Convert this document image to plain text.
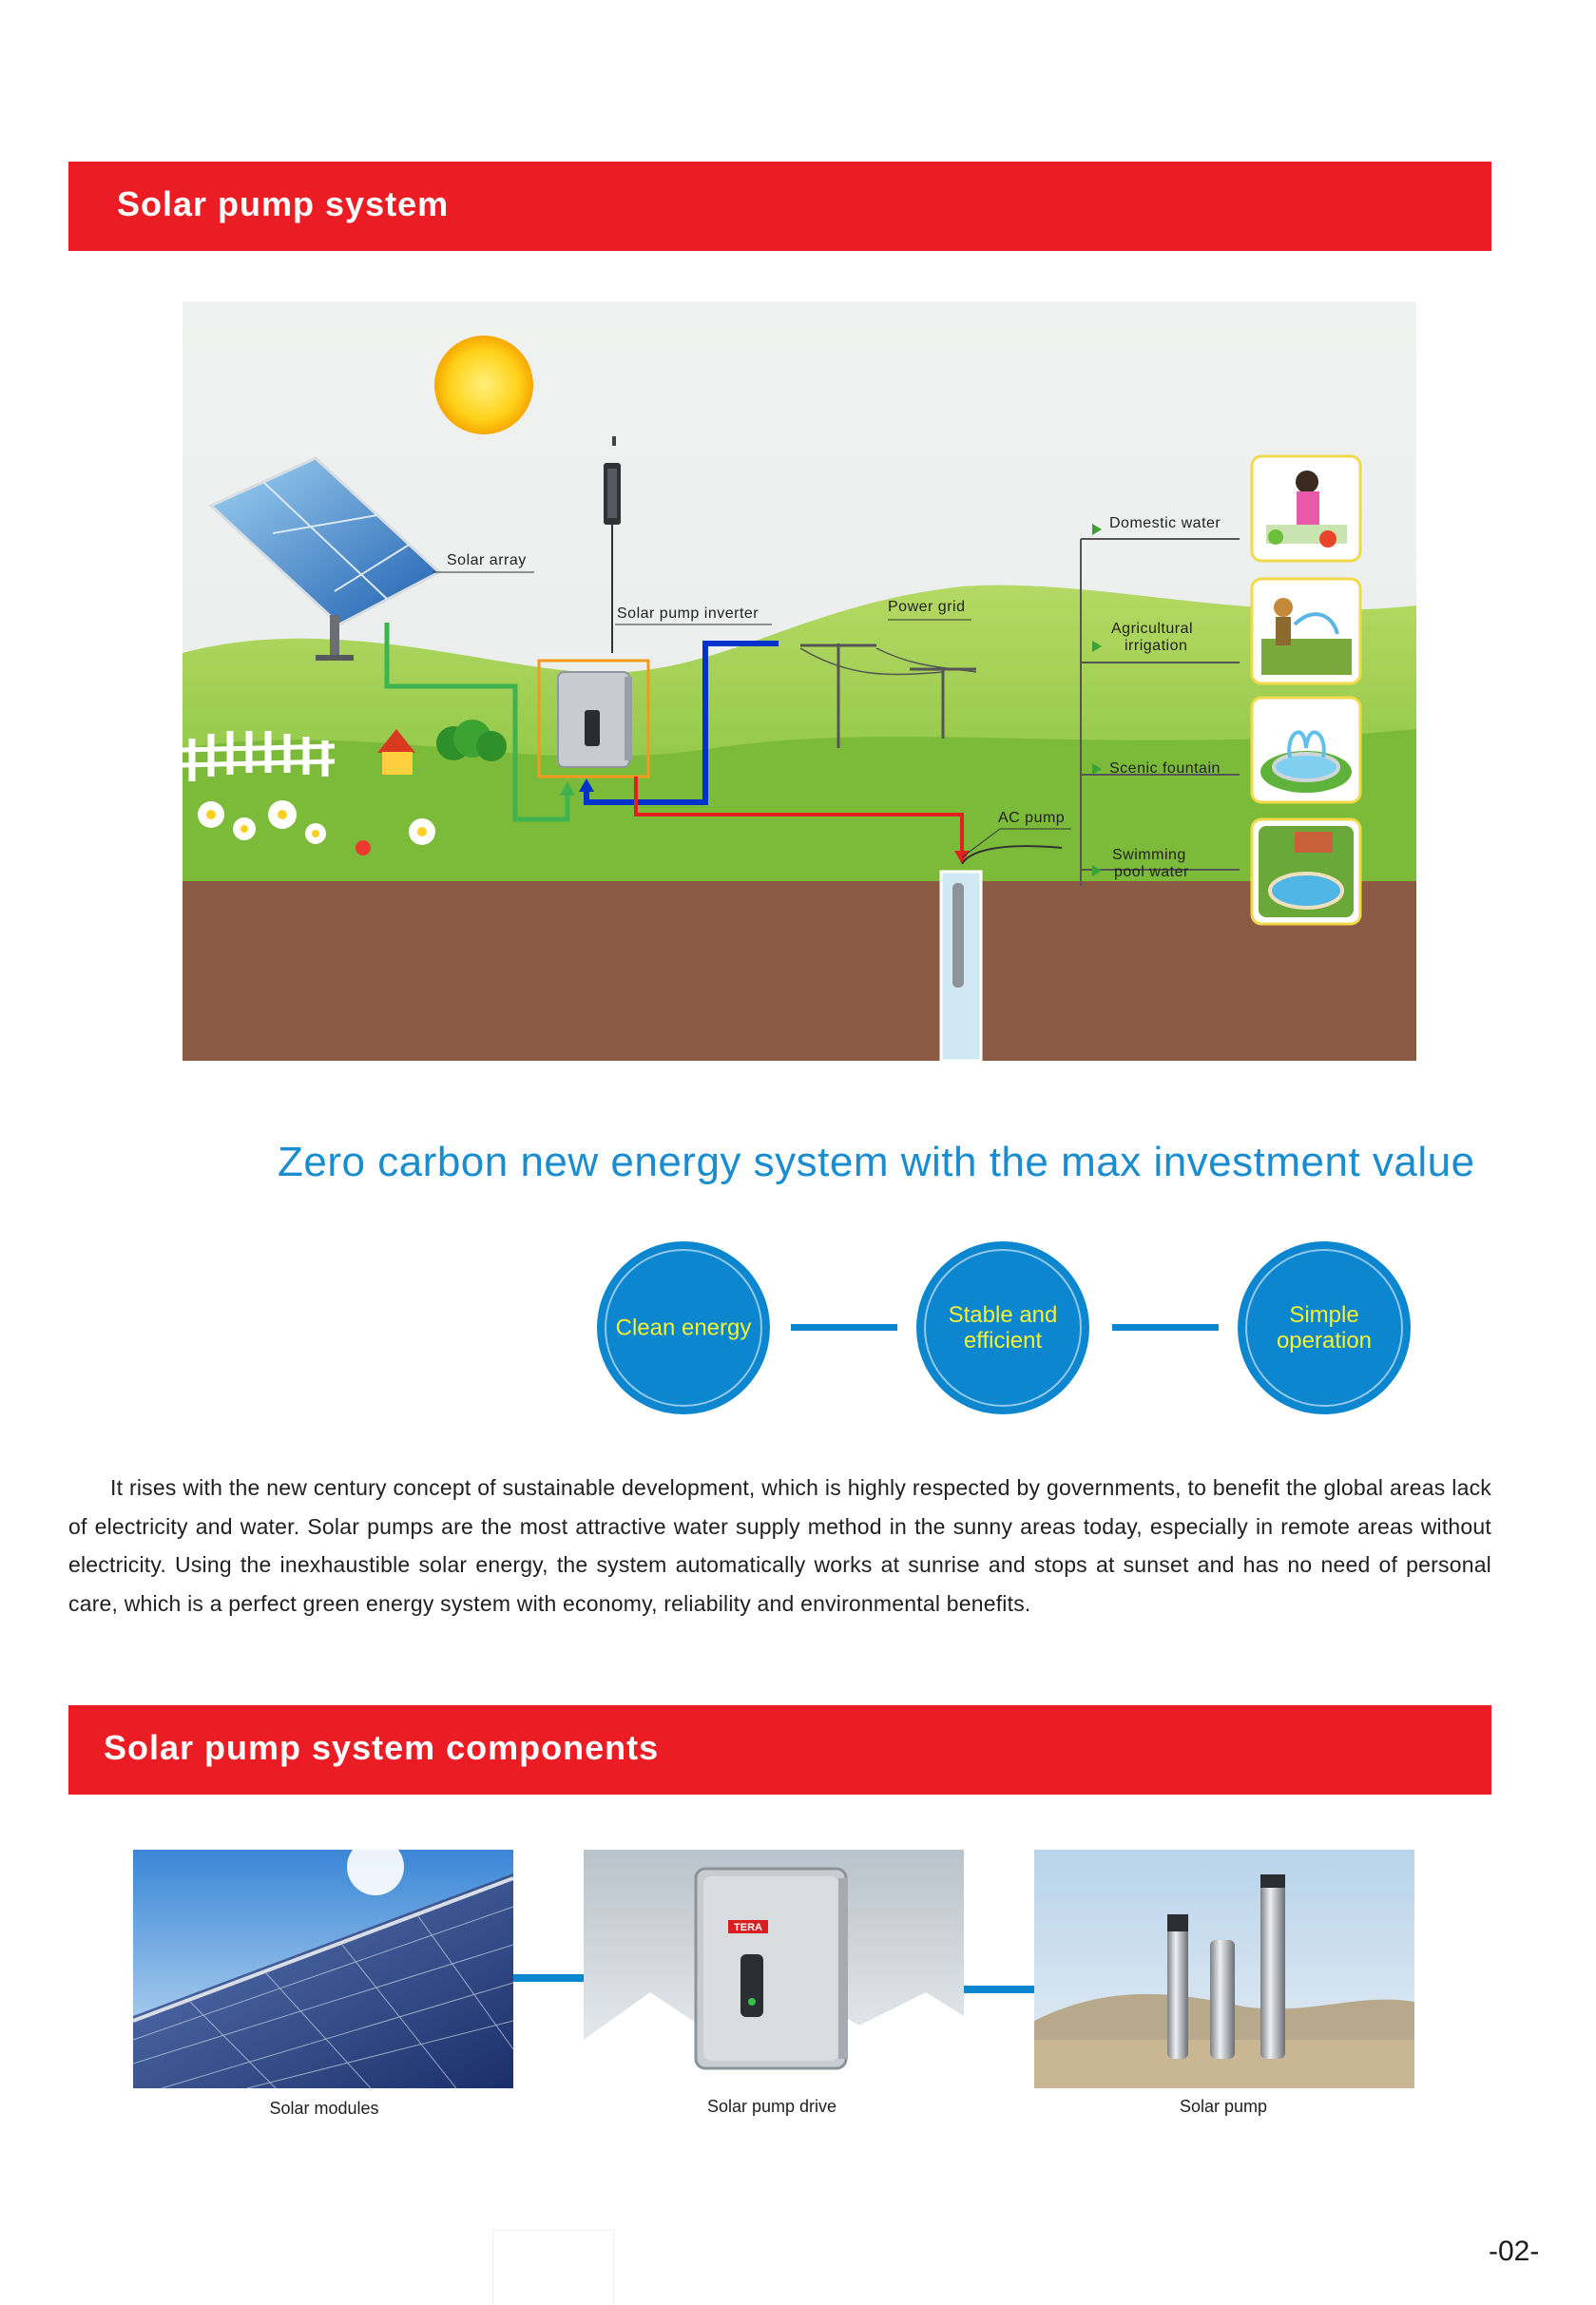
Solar pump system
Solar array
Solar pump inverter	Power grid
AC pump
Domestic water
Agricultural
irrigation
Scenic fountain
Swimming
pool water
Zero carbon new energy system with the max investment value
Clean energy	Stable and efficient
Simple operation
It rises with the new century concept of sustainable development, which is highly respected by governments, to benefit the global areas lack of electricity and water. Solar pumps are the most attractive water supply method in the sunny areas today, especially in remote areas without electricity. Using the inexhaustible solar energy, the system automatically works at sunrise and stops at sunset and has no need of personal care, which is a perfect green energy system with economy, reliability and environmental benefits.
Solar pump system components
TERA
Solar modules	Solar pump drive	Solar pump
-02-
